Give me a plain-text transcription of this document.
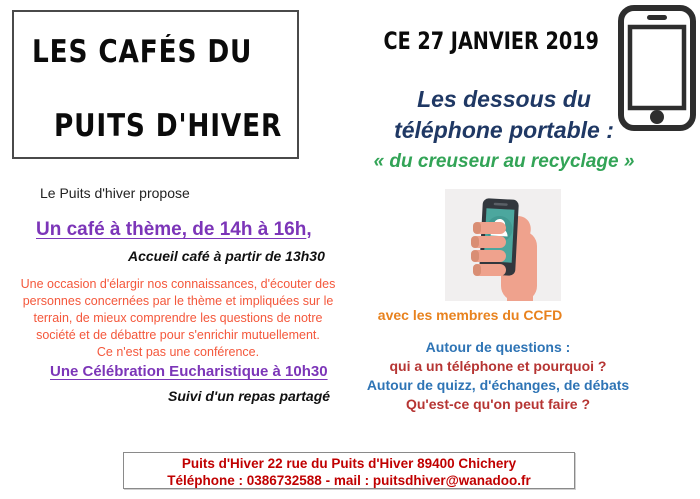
LES CAFÉS DU
PUITS D'HIVER
CE 27 JANVIER 2019
Les dessous du
téléphone portable :
« du creuseur au recyclage »
Le Puits d'hiver propose
Un café à thème, de 14h à 16h,
Accueil café à partir de 13h30
Une occasion d'élargir nos connaissances, d'écouter des
personnes concernées par le thème et impliquées sur le
terrain, de mieux comprendre les questions de notre
société et de débattre pour s'enrichir mutuellement.
Ce n'est pas une conférence.
Une Célébration Eucharistique à 10h30
Suivi d'un repas partagé
avec les membres du CCFD
Autour de questions :
qui a un téléphone et pourquoi ?
Autour de quizz, d'échanges, de débats
Qu'est-ce qu'on peut faire ?
Puits d'Hiver 22 rue du Puits d'Hiver 89400 Chichery
Téléphone : 0386732588 - mail : puitsdhiver@wanadoo.fr
